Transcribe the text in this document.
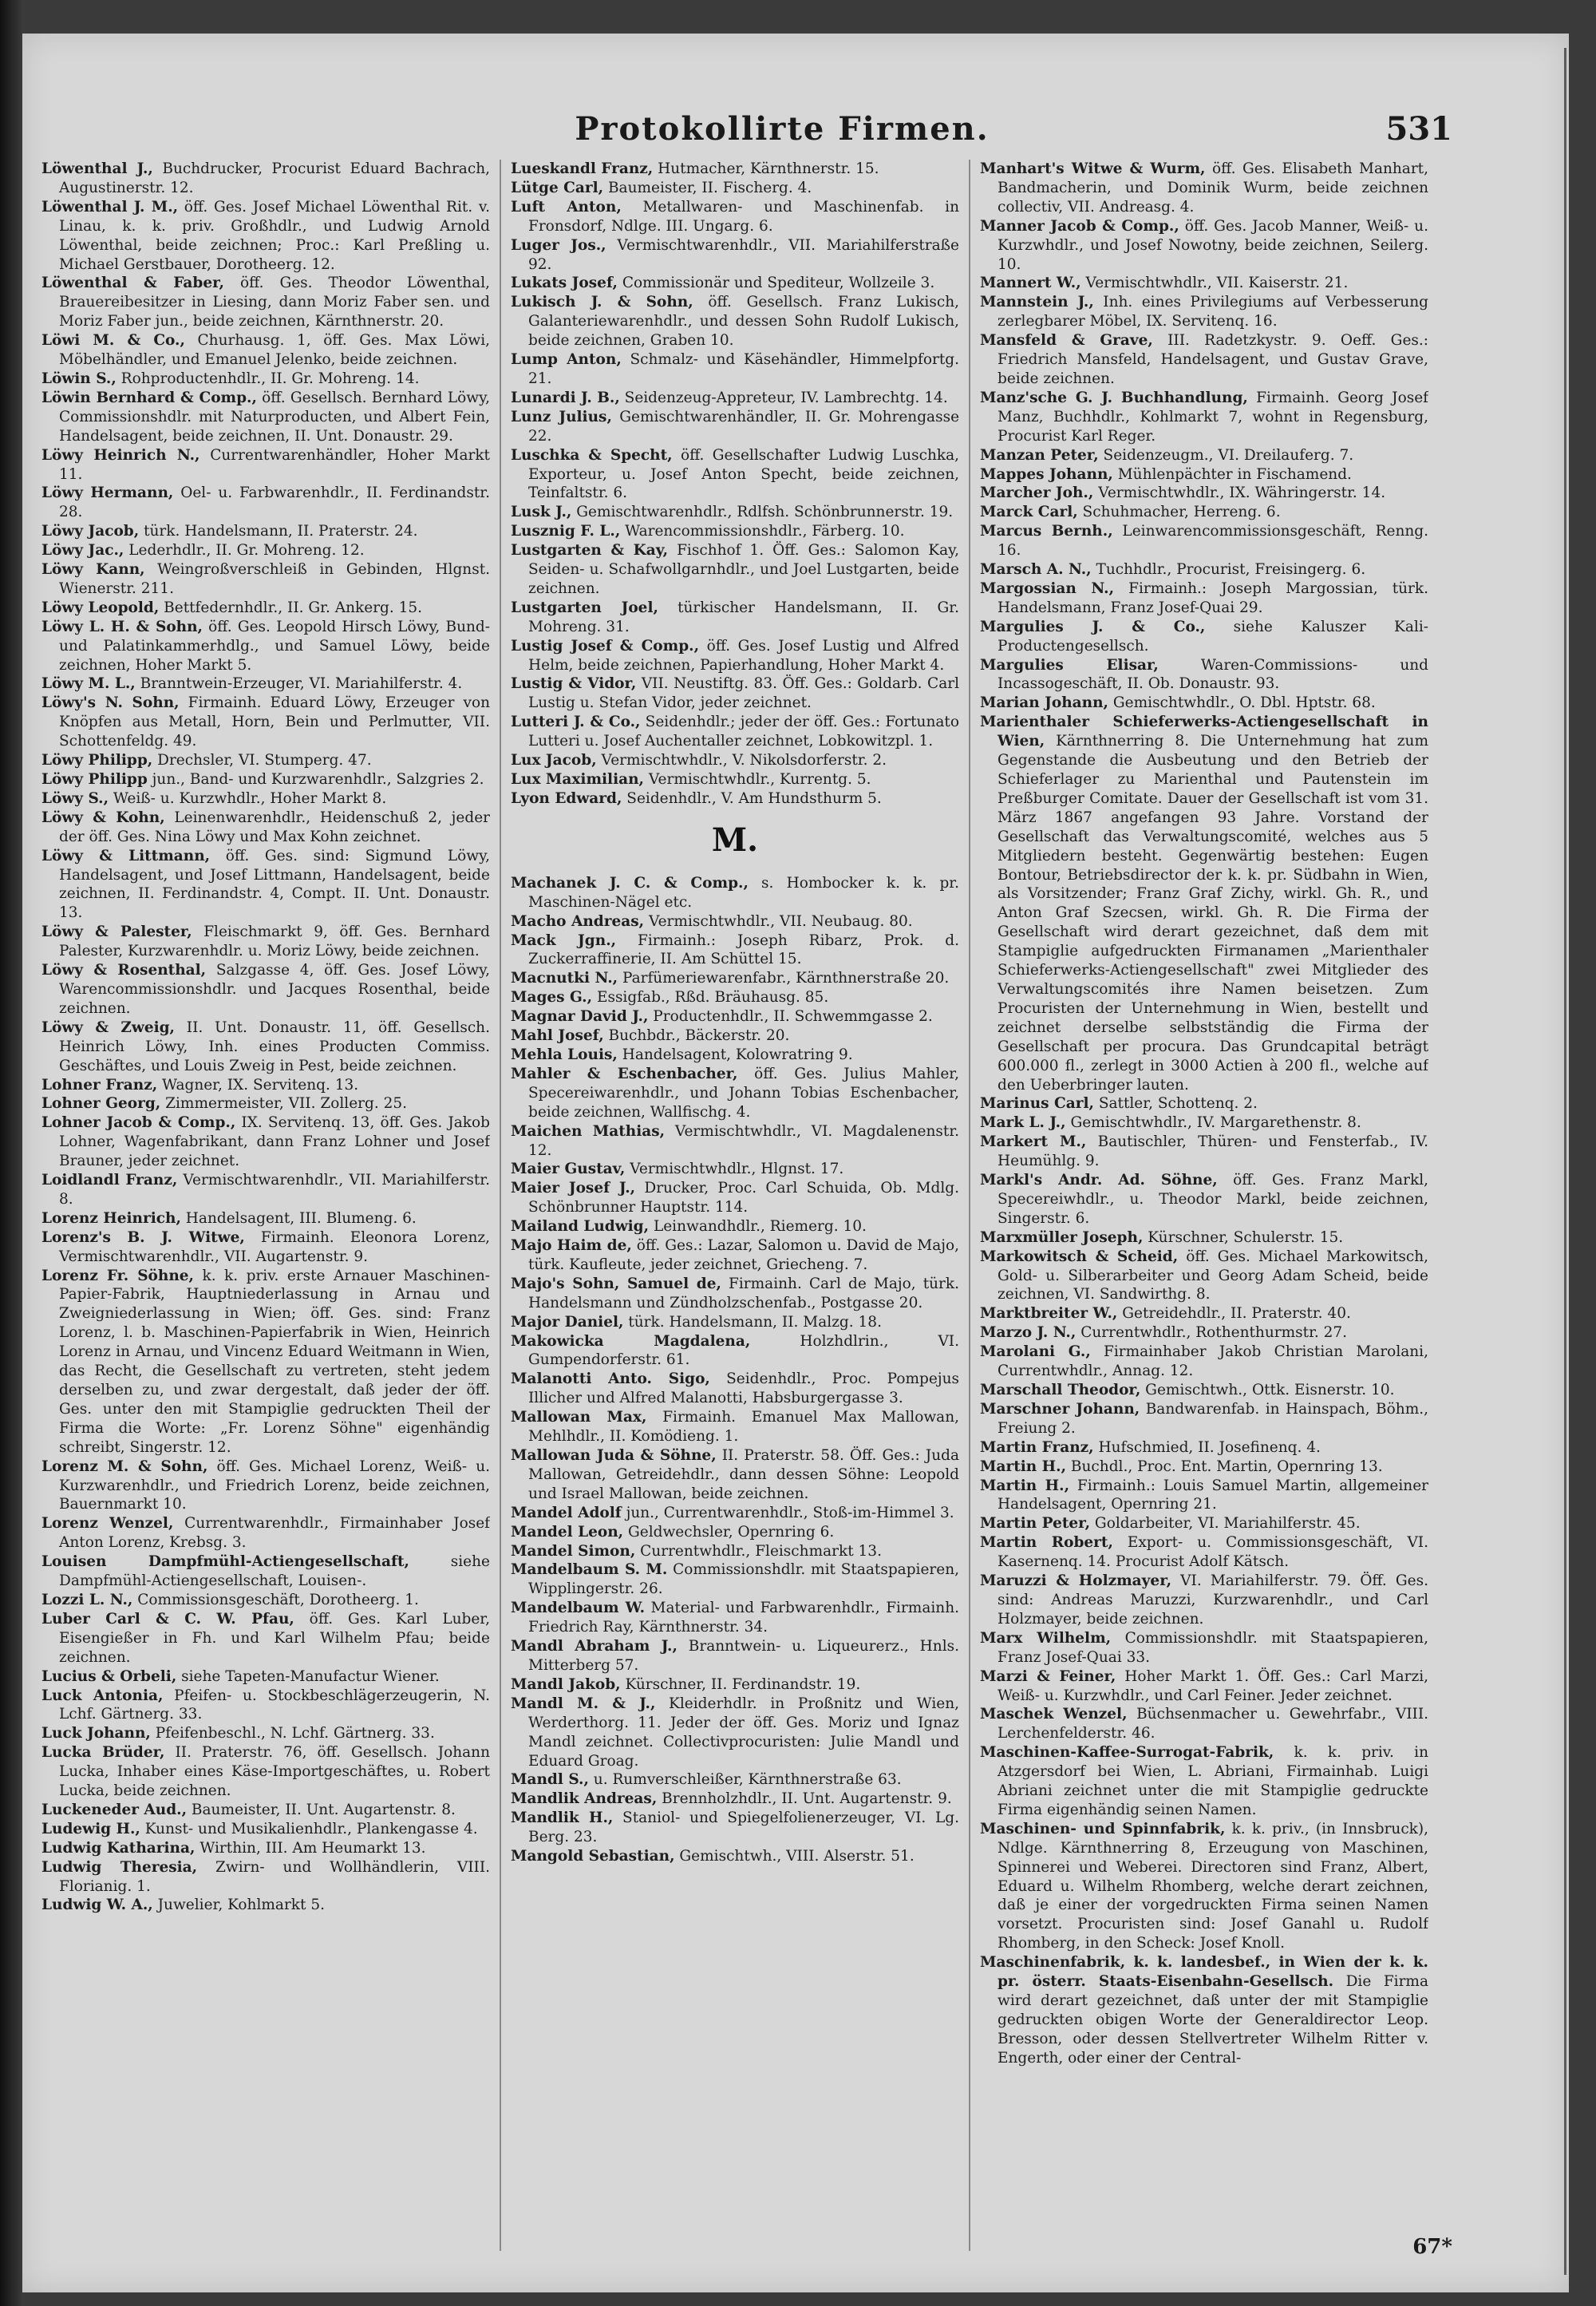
Protokollirte Firmen.	531
Löwenthal J., Buchdrucker, Procurist Eduard Bachrach, Augustinerstr. 12.
Löwenthal J. M., öff. Ges. Josef Michael Löwenthal Rit. v. Linau, k. k. priv. Großhdlr., und Ludwig Arnold Löwenthal, beide zeichnen; Proc.: Karl Preßling u. Michael Gerstbauer, Dorotheerg. 12.
Löwenthal & Faber, öff. Ges. Theodor Löwenthal, Brauereibesitzer in Liesing, dann Moriz Faber sen. und Moriz Faber jun., beide zeichnen, Kärnthnerstr. 20.
Löwi M. & Co., Churhausg. 1, öff. Ges. Max Löwi, Möbelhändler, und Emanuel Jelenko, beide zeichnen.
Löwin S., Rohproductenhdlr., II. Gr. Mohreng. 14.
Löwin Bernhard & Comp., öff. Gesellsch. Bernhard Löwy, Commissionshdlr. mit Naturproducten, und Albert Fein, Handelsagent, beide zeichnen, II. Unt. Donaustr. 29.
Löwy Heinrich N., Currentwarenhändler, Hoher Markt 11.
Löwy Hermann, Oel- u. Farbwarenhdlr., II. Ferdinandstr. 28.
Löwy Jacob, türk. Handelsmann, II. Praterstr. 24.
Löwy Jac., Lederhdlr., II. Gr. Mohreng. 12.
Löwy Kann, Weingroßverschleiß in Gebinden, Hlgnst. Wienerstr. 211.
Löwy Leopold, Bettfedernhdlr., II. Gr. Ankerg. 15.
Löwy L. H. & Sohn, öff. Ges. Leopold Hirsch Löwy, Bund- und Palatinkammerhdlg., und Samuel Löwy, beide zeichnen, Hoher Markt 5.
Löwy M. L., Branntwein-Erzeuger, VI. Mariahilferstr. 4.
Löwy's N. Sohn, Firmainh. Eduard Löwy, Erzeuger von Knöpfen aus Metall, Horn, Bein und Perlmutter, VII. Schottenfeldg. 49.
Löwy Philipp, Drechsler, VI. Stumperg. 47.
Löwy Philipp jun., Band- und Kurzwarenhdlr., Salzgries 2.
Löwy S., Weiß- u. Kurzwhdlr., Hoher Markt 8.
Löwy & Kohn, Leinenwarenhdlr., Heidenschuß 2, jeder der öff. Ges. Nina Löwy und Max Kohn zeichnet.
Löwy & Littmann, öff. Ges. sind: Sigmund Löwy, Handelsagent, und Josef Littmann, Handelsagent, beide zeichnen, II. Ferdinandstr. 4, Compt. II. Unt. Donaustr. 13.
Löwy & Palester, Fleischmarkt 9, öff. Ges. Bernhard Palester, Kurzwarenhdlr. u. Moriz Löwy, beide zeichnen.
Löwy & Rosenthal, Salzgasse 4, öff. Ges. Josef Löwy, Warencommissionshdlr. und Jacques Rosenthal, beide zeichnen.
Löwy & Zweig, II. Unt. Donaustr. 11, öff. Gesellsch. Heinrich Löwy, Inh. eines Producten Commiss. Geschäftes, und Louis Zweig in Pest, beide zeichnen.
Lohner Franz, Wagner, IX. Servitenq. 13.
Lohner Georg, Zimmermeister, VII. Zollerg. 25.
Lohner Jacob & Comp., IX. Servitenq. 13, öff. Ges. Jakob Lohner, Wagenfabrikant, dann Franz Lohner und Josef Brauner, jeder zeichnet.
Loidlandl Franz, Vermischtwarenhdlr., VII. Mariahilferstr. 8.
Lorenz Heinrich, Handelsagent, III. Blumeng. 6.
Lorenz's B. J. Witwe, Firmainh. Eleonora Lorenz, Vermischtwarenhdlr., VII. Augartenstr. 9.
Lorenz Fr. Söhne, k. k. priv. erste Arnauer Maschinen-Papier-Fabrik, Hauptniederlassung in Arnau und Zweigniederlassung in Wien; öff. Ges. sind: Franz Lorenz, l. b. Maschinen-Papierfabrik in Wien, Heinrich Lorenz in Arnau, und Vincenz Eduard Weitmann in Wien, das Recht, die Gesellschaft zu vertreten, steht jedem derselben zu, und zwar dergestalt, daß jeder der öff. Ges. unter den mit Stampiglie gedruckten Theil der Firma die Worte: „Fr. Lorenz Söhne" eigenhändig schreibt, Singerstr. 12.
Lorenz M. & Sohn, öff. Ges. Michael Lorenz, Weiß- u. Kurzwarenhdlr., und Friedrich Lorenz, beide zeichnen, Bauernmarkt 10.
Lorenz Wenzel, Currentwarenhdlr., Firmainhaber Josef Anton Lorenz, Krebsg. 3.
Louisen Dampfmühl-Actiengesellschaft, siehe Dampfmühl-Actiengesellschaft, Louisen-.
Lozzi L. N., Commissionsgeschäft, Dorotheerg. 1.
Luber Carl & C. W. Pfau, öff. Ges. Karl Luber, Eisengießer in Fh. und Karl Wilhelm Pfau; beide zeichnen.
Lucius & Orbeli, siehe Tapeten-Manufactur Wiener.
Luck Antonia, Pfeifen- u. Stockbeschlägerzeugerin, N. Lchf. Gärtnerg. 33.
Luck Johann, Pfeifenbeschl., N. Lchf. Gärtnerg. 33.
Lucka Brüder, II. Praterstr. 76, öff. Gesellsch. Johann Lucka, Inhaber eines Käse-Importgeschäftes, u. Robert Lucka, beide zeichnen.
Luckeneder Aud., Baumeister, II. Unt. Augartenstr. 8.
Ludewig H., Kunst- und Musikalienhdlr., Plankengasse 4.
Ludwig Katharina, Wirthin, III. Am Heumarkt 13.
Ludwig Theresia, Zwirn- und Wollhändlerin, VIII. Florianig. 1.
Ludwig W. A., Juwelier, Kohlmarkt 5.
Lueskandl Franz, Hutmacher, Kärnthnerstr. 15.
Lütge Carl, Baumeister, II. Fischerg. 4.
Luft Anton, Metallwaren- und Maschinenfab. in Fronsdorf, Ndlge. III. Ungarg. 6.
Luger Jos., Vermischtwarenhdlr., VII. Mariahilferstraße 92.
Lukats Josef, Commissionär und Spediteur, Wollzeile 3.
Lukisch J. & Sohn, öff. Gesellsch. Franz Lukisch, Galanteriewarenhdlr., und dessen Sohn Rudolf Lukisch, beide zeichnen, Graben 10.
Lump Anton, Schmalz- und Käsehändler, Himmelpfortg. 21.
Lunardi J. B., Seidenzeug-Appreteur, IV. Lambrechtg. 14.
Lunz Julius, Gemischtwarenhändler, II. Gr. Mohrengasse 22.
Luschka & Specht, öff. Gesellschafter Ludwig Luschka, Exporteur, u. Josef Anton Specht, beide zeichnen, Teinfaltstr. 6.
Lusk J., Gemischtwarenhdlr., Rdlfsh. Schönbrunnerstr. 19.
Lusznig F. L., Warencommissionshdlr., Färberg. 10.
Lustgarten & Kay, Fischhof 1. Öff. Ges.: Salomon Kay, Seiden- u. Schafwollgarnhdlr., und Joel Lustgarten, beide zeichnen.
Lustgarten Joel, türkischer Handelsmann, II. Gr. Mohreng. 31.
Lustig Josef & Comp., öff. Ges. Josef Lustig und Alfred Helm, beide zeichnen, Papierhandlung, Hoher Markt 4.
Lustig & Vidor, VII. Neustiftg. 83. Öff. Ges.: Goldarb. Carl Lustig u. Stefan Vidor, jeder zeichnet.
Lutteri J. & Co., Seidenhdlr.; jeder der öff. Ges.: Fortunato Lutteri u. Josef Auchentaller zeichnet, Lobkowitzpl. 1.
Lux Jacob, Vermischtwhdlr., V. Nikolsdorferstr. 2.
Lux Maximilian, Vermischtwhdlr., Kurrentg. 5.
Lyon Edward, Seidenhdlr., V. Am Hundsthurm 5.
M.
Machanek J. C. & Comp., s. Hombocker k. k. pr. Maschinen-Nägel etc.
Macho Andreas, Vermischtwhdlr., VII. Neubaug. 80.
Mack Jgn., Firmainh.: Joseph Ribarz, Prok. d. Zuckerraffinerie, II. Am Schüttel 15.
Macnutki N., Parfümeriewarenfabr., Kärnthnerstraße 20.
Mages G., Essigfab., Rßd. Bräuhausg. 85.
Magnar David J., Productenhdlr., II. Schwemmgasse 2.
Mahl Josef, Buchbdr., Bäckerstr. 20.
Mehla Louis, Handelsagent, Kolowratring 9.
Mahler & Eschenbacher, öff. Ges. Julius Mahler, Specereiwarenhdlr., und Johann Tobias Eschenbacher, beide zeichnen, Wallfischg. 4.
Maichen Mathias, Vermischtwhdlr., VI. Magdalenenstr. 12.
Maier Gustav, Vermischtwhdlr., Hlgnst. 17.
Maier Josef J., Drucker, Proc. Carl Schuida, Ob. Mdlg. Schönbrunner Hauptstr. 114.
Mailand Ludwig, Leinwandhdlr., Riemerg. 10.
Majo Haim de, öff. Ges.: Lazar, Salomon u. David de Majo, türk. Kaufleute, jeder zeichnet, Griecheng. 7.
Majo's Sohn, Samuel de, Firmainh. Carl de Majo, türk. Handelsmann und Zündholzschenfab., Postgasse 20.
Major Daniel, türk. Handelsmann, II. Malzg. 18.
Makowicka Magdalena, Holzhdlrin., VI. Gumpendorferstr. 61.
Malanotti Anto. Sigo, Seidenhdlr., Proc. Pompejus Illicher und Alfred Malanotti, Habsburgergasse 3.
Mallowan Max, Firmainh. Emanuel Max Mallowan, Mehlhdlr., II. Komödieng. 1.
Mallowan Juda & Söhne, II. Praterstr. 58. Öff. Ges.: Juda Mallowan, Getreidehdlr., dann dessen Söhne: Leopold und Israel Mallowan, beide zeichnen.
Mandel Adolf jun., Currentwarenhdlr., Stoß-im-Himmel 3.
Mandel Leon, Geldwechsler, Opernring 6.
Mandel Simon, Currentwhdlr., Fleischmarkt 13.
Mandelbaum S. M. Commissionshdlr. mit Staatspapieren, Wipplingerstr. 26.
Mandelbaum W. Material- und Farbwarenhdlr., Firmainh. Friedrich Ray, Kärnthnerstr. 34.
Mandl Abraham J., Branntwein- u. Liqueurerz., Hnls. Mitterberg 57.
Mandl Jakob, Kürschner, II. Ferdinandstr. 19.
Mandl M. & J., Kleiderhdlr. in Proßnitz und Wien, Werderthorg. 11. Jeder der öff. Ges. Moriz und Ignaz Mandl zeichnet. Collectivprocuristen: Julie Mandl und Eduard Groag.
Mandl S., u. Rumverschleißer, Kärnthnerstraße 63.
Mandlik Andreas, Brennholzhdlr., II. Unt. Augartenstr. 9.
Mandlik H., Staniol- und Spiegelfolienerzeuger, VI. Lg. Berg. 23.
Mangold Sebastian, Gemischtwh., VIII. Alserstr. 51.
Manhart's Witwe & Wurm, öff. Ges. Elisabeth Manhart, Bandmacherin, und Dominik Wurm, beide zeichnen collectiv, VII. Andreasg. 4.
Manner Jacob & Comp., öff. Ges. Jacob Manner, Weiß- u. Kurzwhdlr., und Josef Nowotny, beide zeichnen, Seilerg. 10.
Mannert W., Vermischtwhdlr., VII. Kaiserstr. 21.
Mannstein J., Inh. eines Privilegiums auf Verbesserung zerlegbarer Möbel, IX. Servitenq. 16.
Mansfeld & Grave, III. Radetzkystr. 9. Oeff. Ges.: Friedrich Mansfeld, Handelsagent, und Gustav Grave, beide zeichnen.
Manz'sche G. J. Buchhandlung, Firmainh. Georg Josef Manz, Buchhdlr., Kohlmarkt 7, wohnt in Regensburg, Procurist Karl Reger.
Manzan Peter, Seidenzeugm., VI. Dreilauferg. 7.
Mappes Johann, Mühlenpächter in Fischamend.
Marcher Joh., Vermischtwhdlr., IX. Währingerstr. 14.
Marck Carl, Schuhmacher, Herreng. 6.
Marcus Bernh., Leinwarencommissionsgeschäft, Renng. 16.
Marsch A. N., Tuchhdlr., Procurist, Freisingerg. 6.
Margossian N., Firmainh.: Joseph Margossian, türk. Handelsmann, Franz Josef-Quai 29.
Margulies J. & Co., siehe Kaluszer Kali-Productengesellsch.
Margulies Elisar, Waren-Commissions- und Incassogeschäft, II. Ob. Donaustr. 93.
Marian Johann, Gemischtwhdlr., O. Dbl. Hptstr. 68.
Marienthaler Schieferwerks-Actiengesellschaft in Wien, Kärnthnerring 8. Die Unternehmung hat zum Gegenstande die Ausbeutung und den Betrieb der Schieferlager zu Marienthal und Pautenstein im Preßburger Comitate. Dauer der Gesellschaft ist vom 31. März 1867 angefangen 93 Jahre. Vorstand der Gesellschaft das Verwaltungscomité, welches aus 5 Mitgliedern besteht. Gegenwärtig bestehen: Eugen Bontour, Betriebsdirector der k. k. pr. Südbahn in Wien, als Vorsitzender; Franz Graf Zichy, wirkl. Gh. R., und Anton Graf Szecsen, wirkl. Gh. R. Die Firma der Gesellschaft wird derart gezeichnet, daß dem mit Stampiglie aufgedruckten Firmanamen „Marienthaler Schieferwerks-Actiengesellschaft" zwei Mitglieder des Verwaltungscomités ihre Namen beisetzen. Zum Procuristen der Unternehmung in Wien, bestellt und zeichnet derselbe selbstständig die Firma der Gesellschaft per procura. Das Grundcapital beträgt 600.000 fl., zerlegt in 3000 Actien à 200 fl., welche auf den Ueberbringer lauten.
Marinus Carl, Sattler, Schottenq. 2.
Mark L. J., Gemischtwhdlr., IV. Margarethenstr. 8.
Markert M., Bautischler, Thüren- und Fensterfab., IV. Heumühlg. 9.
Markl's Andr. Ad. Söhne, öff. Ges. Franz Markl, Specereiwhdlr., u. Theodor Markl, beide zeichnen, Singerstr. 6.
Marxmüller Joseph, Kürschner, Schulerstr. 15.
Markowitsch & Scheid, öff. Ges. Michael Markowitsch, Gold- u. Silberarbeiter und Georg Adam Scheid, beide zeichnen, VI. Sandwirthg. 8.
Marktbreiter W., Getreidehdlr., II. Praterstr. 40.
Marzo J. N., Currentwhdlr., Rothenthurmstr. 27.
Marolani G., Firmainhaber Jakob Christian Marolani, Currentwhdlr., Annag. 12.
Marschall Theodor, Gemischtwh., Ottk. Eisnerstr. 10.
Marschner Johann, Bandwarenfab. in Hainspach, Böhm., Freiung 2.
Martin Franz, Hufschmied, II. Josefinenq. 4.
Martin H., Buchdl., Proc. Ent. Martin, Opernring 13.
Martin H., Firmainh.: Louis Samuel Martin, allgemeiner Handelsagent, Opernring 21.
Martin Peter, Goldarbeiter, VI. Mariahilferstr. 45.
Martin Robert, Export- u. Commissionsgeschäft, VI. Kasernenq. 14. Procurist Adolf Kätsch.
Maruzzi & Holzmayer, VI. Mariahilferstr. 79. Öff. Ges. sind: Andreas Maruzzi, Kurzwarenhdlr., und Carl Holzmayer, beide zeichnen.
Marx Wilhelm, Commissionshdlr. mit Staatspapieren, Franz Josef-Quai 33.
Marzi & Feiner, Hoher Markt 1. Öff. Ges.: Carl Marzi, Weiß- u. Kurzwhdlr., und Carl Feiner. Jeder zeichnet.
Maschek Wenzel, Büchsenmacher u. Gewehrfabr., VIII. Lerchenfelderstr. 46.
Maschinen-Kaffee-Surrogat-Fabrik, k. k. priv. in Atzgersdorf bei Wien, L. Abriani, Firmainhab. Luigi Abriani zeichnet unter die mit Stampiglie gedruckte Firma eigenhändig seinen Namen.
Maschinen- und Spinnfabrik, k. k. priv., (in Innsbruck), Ndlge. Kärnthnerring 8, Erzeugung von Maschinen, Spinnerei und Weberei. Directoren sind Franz, Albert, Eduard u. Wilhelm Rhomberg, welche derart zeichnen, daß je einer der vorgedruckten Firma seinen Namen vorsetzt. Procuristen sind: Josef Ganahl u. Rudolf Rhomberg, in den Scheck: Josef Knoll.
Maschinenfabrik, k. k. landesbef., in Wien der k. k. pr. österr. Staats-Eisenbahn-Gesellsch. Die Firma wird derart gezeichnet, daß unter der mit Stampiglie gedruckten obigen Worte der Generaldirector Leop. Bresson, oder dessen Stellvertreter Wilhelm Ritter v. Engerth, oder einer der Central-
67*
